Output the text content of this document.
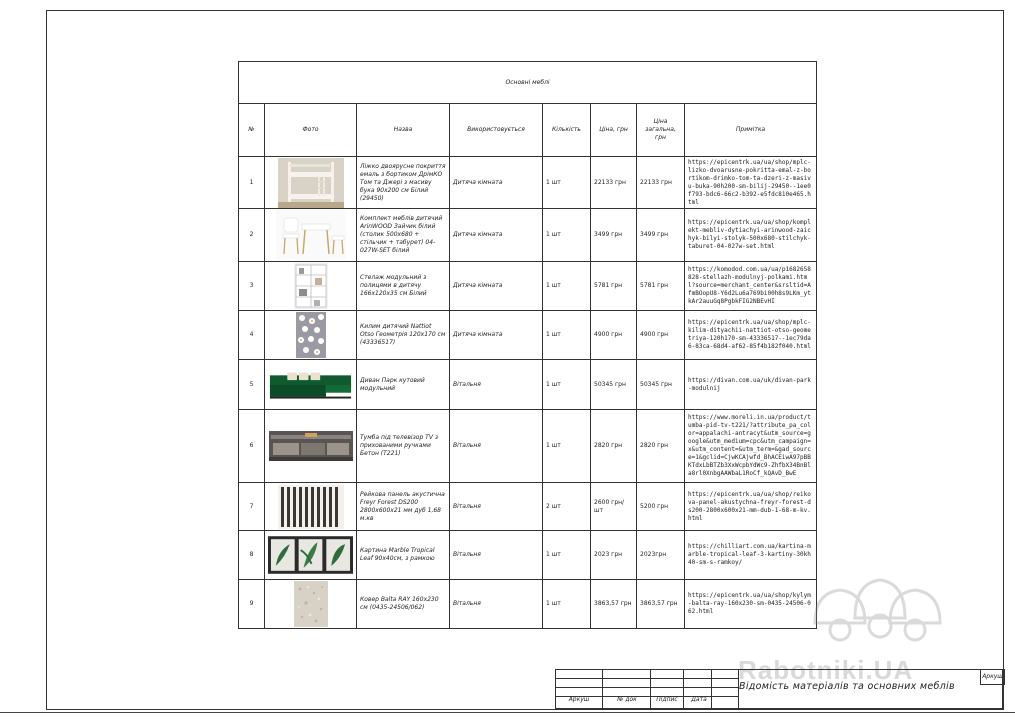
Основні меблі							
№	Фото	Назва	Використовується	Кількість	Ціна, грн	Ціна загальна, грн	Примітка
1		Ліжко двоярусне покриття емаль з бортиком ДрімКО Том та Джері з масиву бука 90х200 см Білий (29450)	Дитяча кімната	1 шт	22133 грн	22133 грн	https://epicentrk.ua/ua/shop/mplc-lizko-dvoarusne-pokritta-emal-z-bortikom-drimko-tom-ta-dzeri-z-masivu-buka-90h200-sm-bilij-29450--1ee0f793-bdc6-66c2-b392-e5fdc810e465.html
2		Комплект меблів дитячий ArinWOOD Зайчик білий (столик 500х680 + стільчик + табурет) 04-027W-SET білий	Дитяча кімната	1 шт	3499 грн	3499 грн	https://epicentrk.ua/ua/shop/komplekt-mebliv-dytiachyi-arinwood-zaichyk-bilyi-stolyk-500x680-stilchyk-taburet-04-027w-set.html
3		Стелаж модульний з полицями в дитячу 166х120х35 см Білий	Дитяча кімната	1 шт	5781 грн	5781 грн	https://komodod.com.ua/ua/p1682658828-stellazh-modulnyj-polkami.html?source=merchant_center&srsltid=AfmBOopU8-Y6d2Lu6a769bi00h8s9LKm_ytkAr2auuGq8PgbkFIG2NBEvHI
4		Килим дитячий Nattiot Otso Геометрія 120х170 см (43336517)	Дитяча кімната	1 шт	4900 грн	4900 грн	https://epicentrk.ua/ua/shop/mplc-kilim-dityachii-nattiot-otso-geometriya-120h170-sm-43336517--1ec79da6-83ca-68d4-af62-85f4b182f040.html
5		Диван Парк кутовий модульний	Вітальня	1 шт	50345 грн	50345 грн	https://divan.com.ua/uk/divan-park-modulnij
6		Тумба під телевізор TV з прихованими ручками Бетон (T221)	Вітальня	1 шт	2820 грн	2820 грн	https://www.moreli.in.ua/product/tumba-pid-tv-t221/?attribute_pa_color=appalachi-antracyt&utm_source=google&utm_medium=cpc&utm_campaign=x&utm_content=&utm_term=&gad_source=1&gclid=CjwKCAjwfd_BhACEiwA97pBBKTdxLbBTZb3XxWcpbYdWc9-ZhfbX34BnBla8rl0XnbgAAWbaL1RoCf_kQAvD_BwE
7		Рейкова панель акустична Freyr Forest DS200 2800х600х21 мм дуб 1,68 м.кв	Вітальня	2 шт	2600 грн/шт	5200 грн	https://epicentrk.ua/ua/shop/reikova-panel-akustychna-freyr-forest-ds200-2800x600x21-mm-dub-1-68-m-kv.html
8		Картина Marble Tropical Leaf 90х40см, з рамкою	Вітальня	1 шт	2023 грн	2023грн	https://chilliart.com.ua/kartina-marble-tropical-leaf-3-kartiny-30kh40-sm-s-ramkoy/
9		Ковер Balta RAY 160х230 см (0435-24506/062)	Вітальня	1 шт	3863,57 грн	3863,57 грн	https://epicentrk.ua/ua/shop/kylym-balta-ray-160x230-sm-0435-24506-062.html
Rabotniki.UA
Аркуш	№ док	Підпис	Дата
Відомість матеріалів та основних меблів
Аркуш
